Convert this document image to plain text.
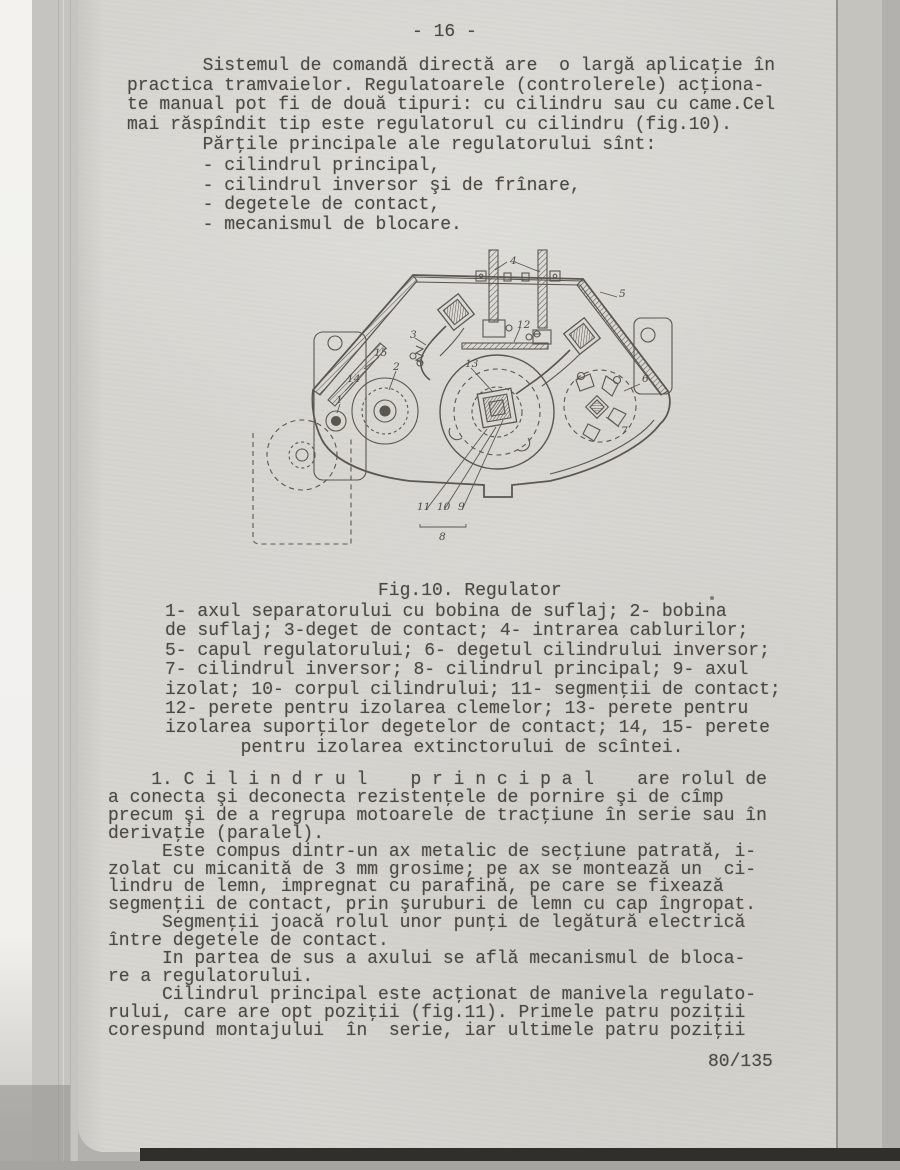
- 16 -
Sistemul de comandă directă are  o largă aplicaţie în
practica tramvaielor. Regulatoarele (controlerele) acţiona-
te manual pot fi de două tipuri: cu cilindru sau cu came.Cel
mai răspîndit tip este regulatorul cu cilindru (fig.10).
Părţile principale ale regulatorului sînt:
- cilindrul principal,
- cilindrul inversor şi de frînare,
- degetele de contact,
- mecanismul de blocare.
4
12
5
3
15
14
2
1
13
6
7
11 10 9
8
Fig.10. Regulator
1- axul separatorului cu bobina de suflaj; 2- bobina
de suflaj; 3-deget de contact; 4- intrarea cablurilor;
5- capul regulatorului; 6- degetul cilindrului inversor;
7- cilindrul inversor; 8- cilindrul principal; 9- axul
izolat; 10- corpul cilindrului; 11- segmenţii de contact;
12- perete pentru izolarea clemelor; 13- perete pentru
izolarea suporţilor degetelor de contact; 14, 15- perete
pentru izolarea extinctorului de scîntei.
1. C i l i n d r u l    p r i n c i p a l    are rolul de
a conecta şi deconecta rezistenţele de pornire şi de cîmp
precum şi de a regrupa motoarele de tracţiune în serie sau în
derivaţie (paralel).
Este compus dintr-un ax metalic de secţiune patrată, i-
zolat cu micanită de 3 mm grosime; pe ax se montează un  ci-
lindru de lemn, impregnat cu parafină, pe care se fixează
segmenţii de contact, prin şuruburi de lemn cu cap îngropat.
Segmenţii joacă rolul unor punţi de legătură electrică
între degetele de contact.
In partea de sus a axului se află mecanismul de bloca-
re a regulatorului.
Cilindrul principal este acţionat de manivela regulato-
rului, care are opt poziţii (fig.11). Primele patru poziţii
corespund montajului  în  serie, iar ultimele patru poziţii
80/135
